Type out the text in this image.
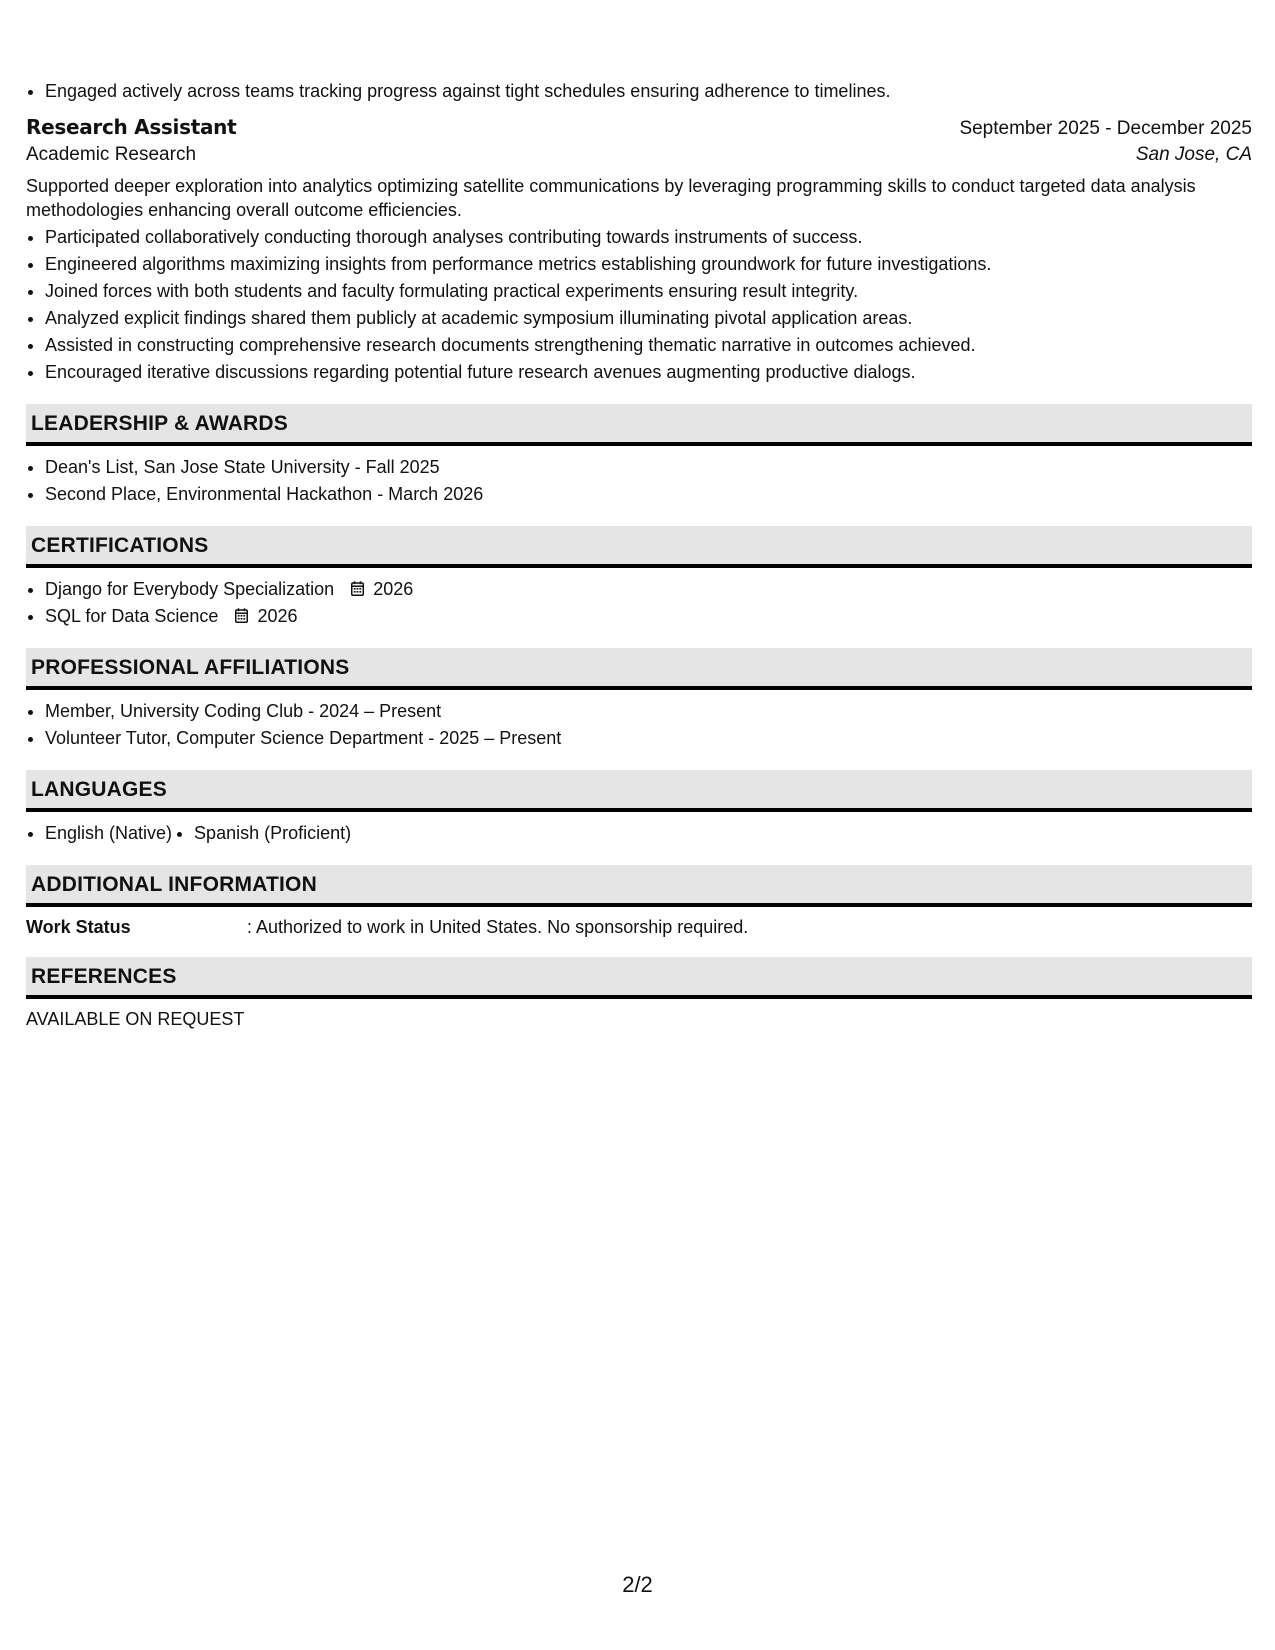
• Engaged actively across teams tracking progress against tight schedules ensuring adherence to timelines.
Research Assistant	September 2025 - December 2025
Academic Research	San Jose, CA
Supported deeper exploration into analytics optimizing satellite communications by leveraging programming skills to conduct targeted data analysis methodologies enhancing overall outcome efficiencies.
• Participated collaboratively conducting thorough analyses contributing towards instruments of success.
• Engineered algorithms maximizing insights from performance metrics establishing groundwork for future investigations.
• Joined forces with both students and faculty formulating practical experiments ensuring result integrity.
• Analyzed explicit findings shared them publicly at academic symposium illuminating pivotal application areas.
• Assisted in constructing comprehensive research documents strengthening thematic narrative in outcomes achieved.
• Encouraged iterative discussions regarding potential future research avenues augmenting productive dialogs.
LEADERSHIP & AWARDS
• Dean's List, San Jose State University - Fall 2025
• Second Place, Environmental Hackathon - March 2026
CERTIFICATIONS
• Django for Everybody Specialization 2026
• SQL for Data Science 2026
PROFESSIONAL AFFILIATIONS
• Member, University Coding Club - 2024 – Present
• Volunteer Tutor, Computer Science Department - 2025 – Present
LANGUAGES
• English (Native)
• Spanish (Proficient)
ADDITIONAL INFORMATION
Work Status	: Authorized to work in United States. No sponsorship required.
REFERENCES
AVAILABLE ON REQUEST
2/2
